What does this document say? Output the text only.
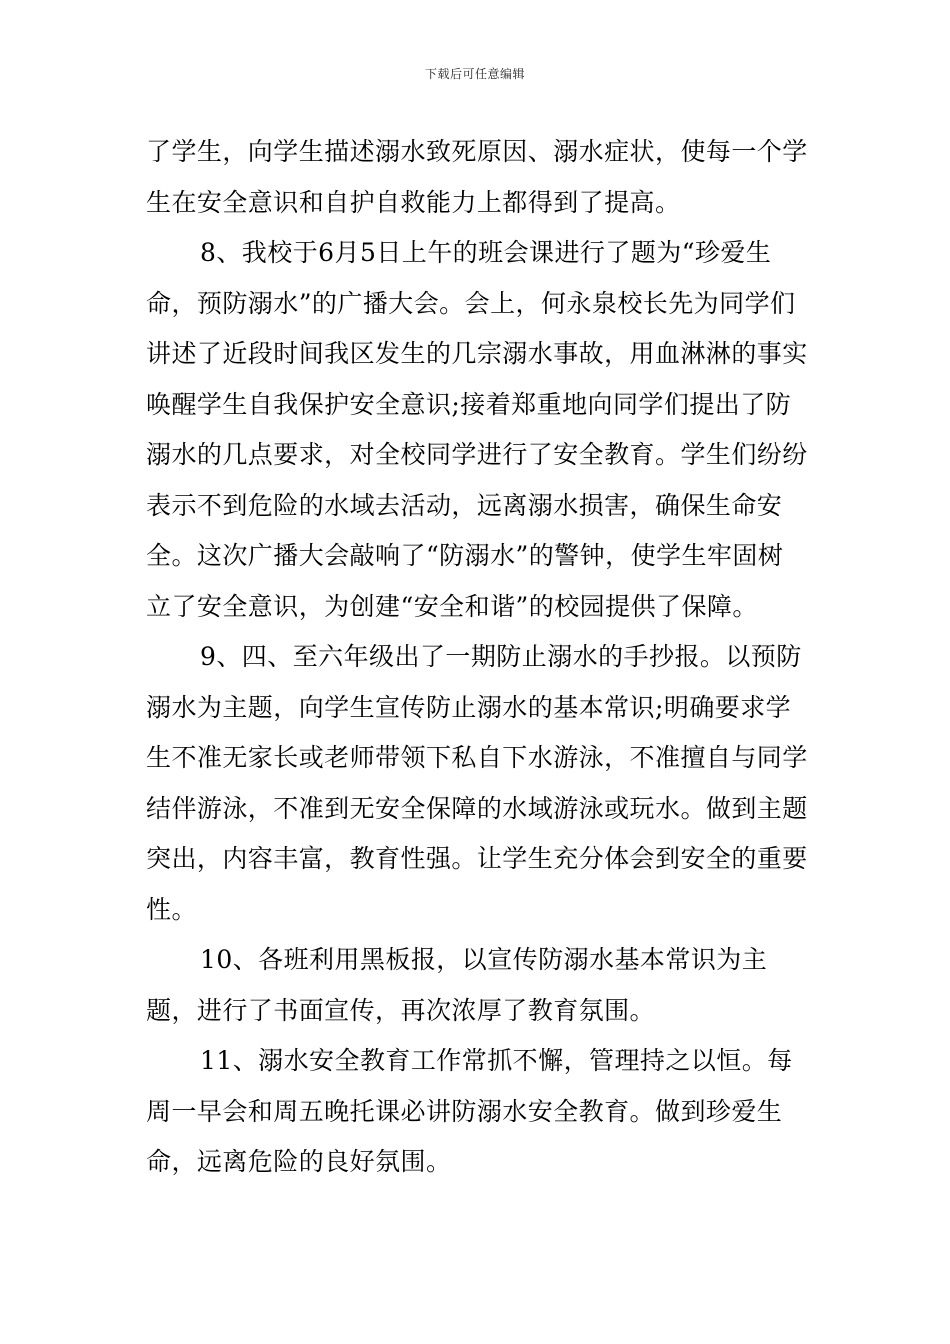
下载后可任意编辑

了学生，向学生描述溺水致死原因、溺水症状，使每一个学生在安全意识和自护自救能力上都得到了提高。

8、我校于6月5日上午的班会课进行了题为“珍爱生命，预防溺水”的广播大会。会上，何永泉校长先为同学们讲述了近段时间我区发生的几宗溺水事故，用血淋淋的事实唤醒学生自我保护安全意识;接着郑重地向同学们提出了防溺水的几点要求，对全校同学进行了安全教育。学生们纷纷表示不到危险的水域去活动，远离溺水损害，确保生命安全。这次广播大会敲响了“防溺水”的警钟，使学生牢固树立了安全意识，为创建“安全和谐”的校园提供了保障。

9、四、至六年级出了一期防止溺水的手抄报。以预防溺水为主题，向学生宣传防止溺水的基本常识;明确要求学生不准无家长或老师带领下私自下水游泳，不准擅自与同学结伴游泳，不准到无安全保障的水域游泳或玩水。做到主题突出，内容丰富，教育性强。让学生充分体会到安全的重要性。

10、各班利用黑板报，以宣传防溺水基本常识为主题，进行了书面宣传，再次浓厚了教育氛围。

11、溺水安全教育工作常抓不懈，管理持之以恒。每周一早会和周五晚托课必讲防溺水安全教育。做到珍爱生命，远离危险的良好氛围。
